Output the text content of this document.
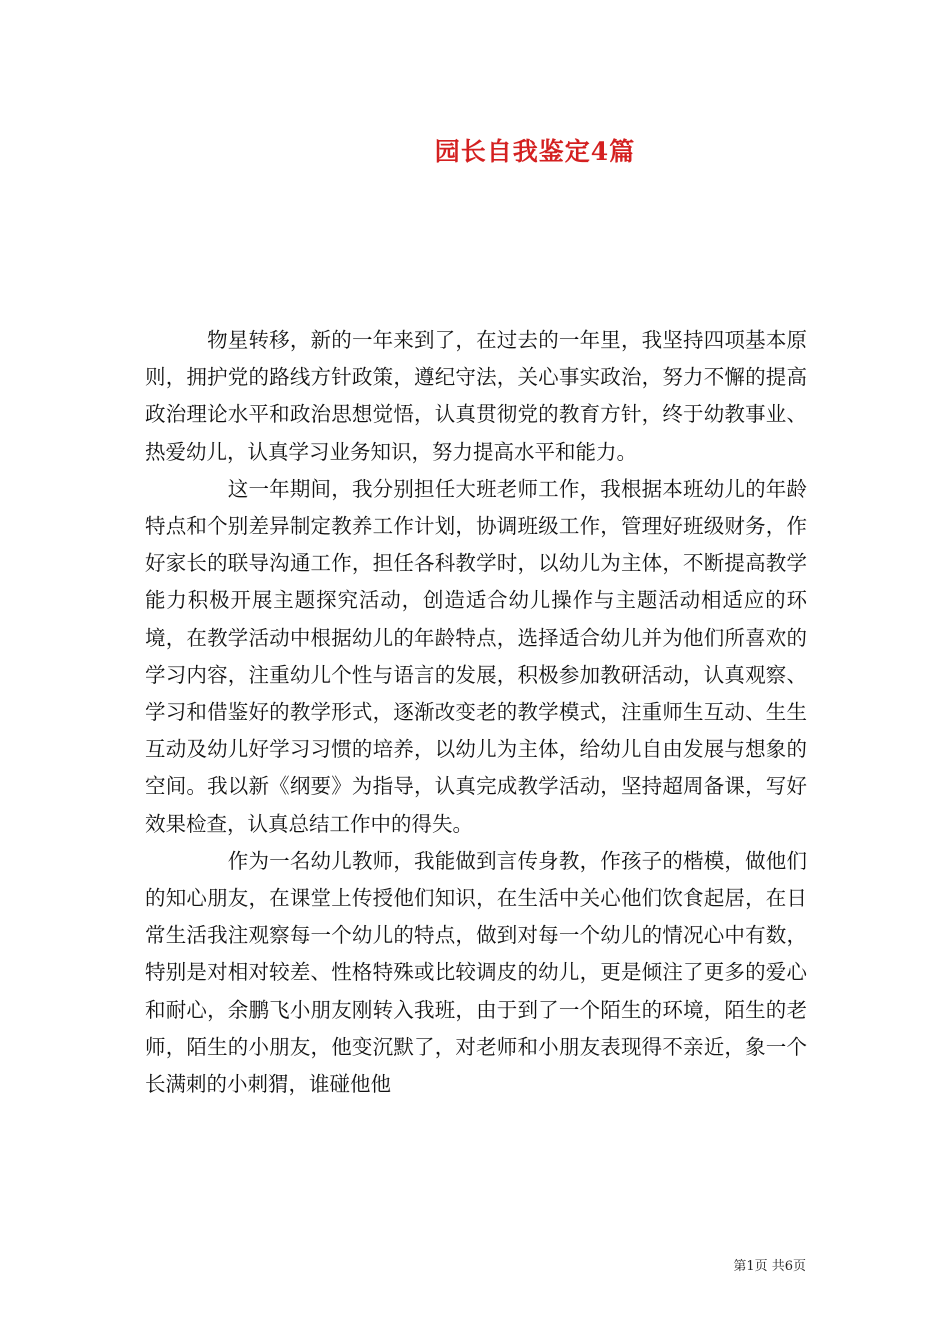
园长自我鉴定4篇

　　　物星转移，新的一年来到了，在过去的一年里，我坚持四项基本原则，拥护党的路线方针政策，遵纪守法，关心事实政治，努力不懈的提高政治理论水平和政治思想觉悟，认真贯彻党的教育方针，终于幼教事业、热爱幼儿，认真学习业务知识，努力提高水平和能力。

　　　　这一年期间，我分别担任大班老师工作，我根据本班幼儿的年龄特点和个别差异制定教养工作计划，协调班级工作，管理好班级财务，作好家长的联导沟通工作，担任各科教学时，以幼儿为主体，不断提高教学能力积极开展主题探究活动，创造适合幼儿操作与主题活动相适应的环境，在教学活动中根据幼儿的年龄特点，选择适合幼儿并为他们所喜欢的学习内容，注重幼儿个性与语言的发展，积极参加教研活动，认真观察、学习和借鉴好的教学形式，逐渐改变老的教学模式，注重师生互动、生生互动及幼儿好学习习惯的培养，以幼儿为主体，给幼儿自由发展与想象的空间。我以新《纲要》为指导，认真完成教学活动，坚持超周备课，写好效果检查，认真总结工作中的得失。

　　　　作为一名幼儿教师，我能做到言传身教，作孩子的楷模，做他们的知心朋友，在课堂上传授他们知识，在生活中关心他们饮食起居，在日常生活我注观察每一个幼儿的特点，做到对每一个幼儿的情况心中有数，特别是对相对较差、性格特殊或比较调皮的幼儿，更是倾注了更多的爱心和耐心，余鹏飞小朋友刚转入我班，由于到了一个陌生的环境，陌生的老师，陌生的小朋友，他变沉默了，对老师和小朋友表现得不亲近，象一个长满刺的小刺猬，谁碰他他

第1页 共6页
